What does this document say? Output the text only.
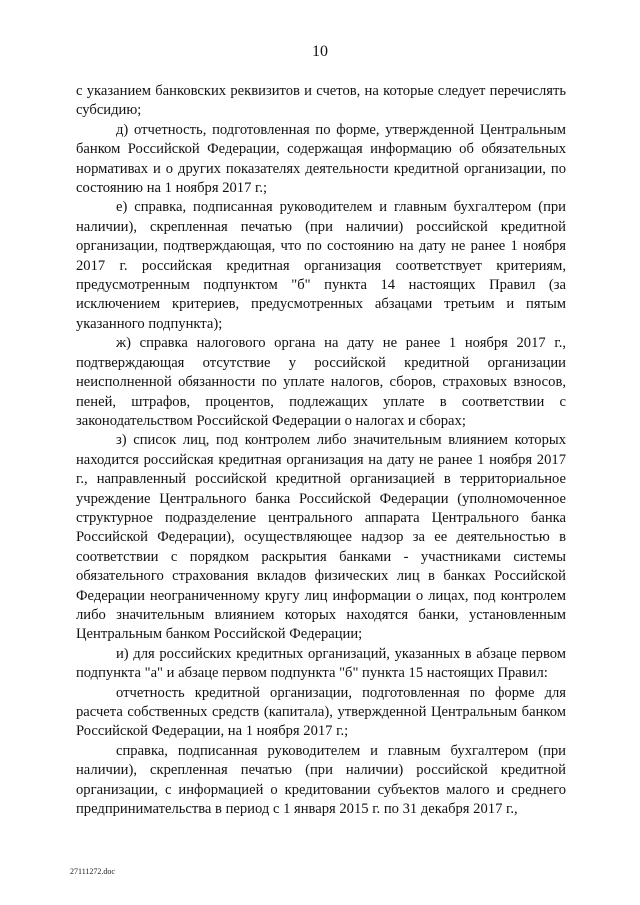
10

с указанием банковских реквизитов и счетов, на которые следует перечислять субсидию;

д) отчетность, подготовленная по форме, утвержденной Центральным банком Российской Федерации, содержащая информацию об обязательных нормативах и о других показателях деятельности кредитной организации, по состоянию на 1 ноября 2017 г.;

е) справка, подписанная руководителем и главным бухгалтером (при наличии), скрепленная печатью (при наличии) российской кредитной организации, подтверждающая, что по состоянию на дату не ранее 1 ноября 2017 г. российская кредитная организация соответствует критериям, предусмотренным подпунктом "б" пункта 14 настоящих Правил (за исключением критериев, предусмотренных абзацами третьим и пятым указанного подпункта);

ж) справка налогового органа на дату не ранее 1 ноября 2017 г., подтверждающая отсутствие у российской кредитной организации неисполненной обязанности по уплате налогов, сборов, страховых взносов, пеней, штрафов, процентов, подлежащих уплате в соответствии с законодательством Российской Федерации о налогах и сборах;

з) список лиц, под контролем либо значительным влиянием которых находится российская кредитная организация на дату не ранее 1 ноября 2017 г., направленный российской кредитной организацией в территориальное учреждение Центрального банка Российской Федерации (уполномоченное структурное подразделение центрального аппарата Центрального банка Российской Федерации), осуществляющее надзор за ее деятельностью в соответствии с порядком раскрытия банками - участниками системы обязательного страхования вкладов физических лиц в банках Российской Федерации неограниченному кругу лиц информации о лицах, под контролем либо значительным влиянием которых находятся банки, установленным Центральным банком Российской Федерации;

и) для российских кредитных организаций, указанных в абзаце первом подпункта "а" и абзаце первом подпункта "б" пункта 15 настоящих Правил:

отчетность кредитной организации, подготовленная по форме для расчета собственных средств (капитала), утвержденной Центральным банком Российской Федерации, на 1 ноября 2017 г.;

справка, подписанная руководителем и главным бухгалтером (при наличии), скрепленная печатью (при наличии) российской кредитной организации, с информацией о кредитовании субъектов малого и среднего предпринимательства в период с 1 января 2015 г. по 31 декабря 2017 г.,

27111272.doc
